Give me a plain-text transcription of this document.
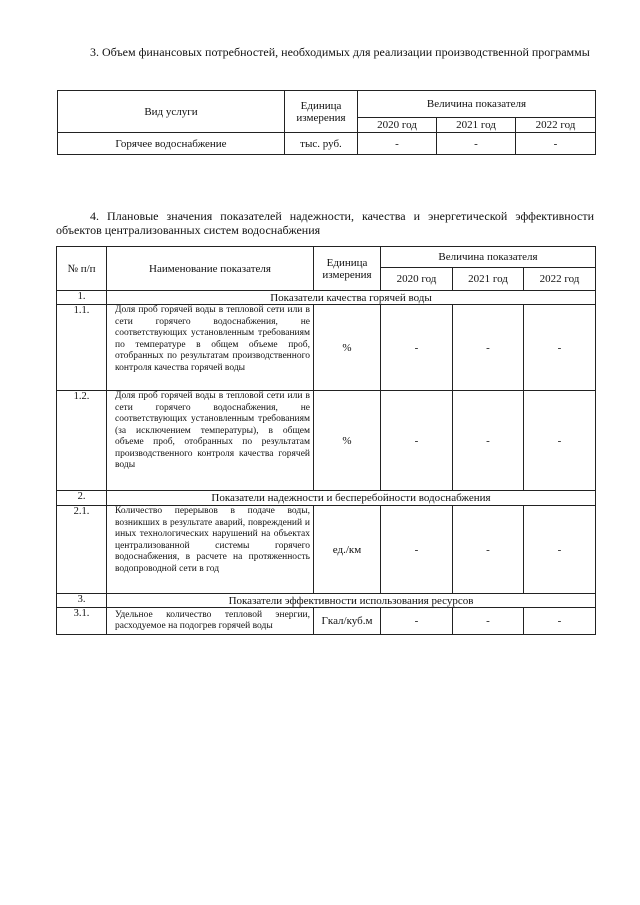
3. Объем финансовых потребностей, необходимых для реализации производственной программы
Вид услуги	Единица измерения	Величина показателя		
		2020 год	2021 год	2022 год
Горячее водоснабжение	тыс. руб.	-	-	-
4. Плановые значения показателей надежности, качества и энергетической эффективности объектов централизованных систем водоснабжения
№ п/п	Наименование показателя	Единица измерения	Величина показателя		
			2020 год	2021 год	2022 год
1.	Показатели качества горячей воды				
1.1.	Доля проб горячей воды в тепловой сети или в сети горячего водоснабжения, не соответствующих установленным требованиям по температуре в общем объеме проб, отобранных по результатам производственного контроля качества горячей воды	%	-	-	-
1.2.	Доля проб горячей воды в тепловой сети или в сети горячего водоснабжения, не соответствующих установленным требованиям (за исключением температуры), в общем объеме проб, отобранных по результатам производственного контроля качества горячей воды	%	-	-	-
2.	Показатели надежности и бесперебойности водоснабжения				
2.1.	Количество перерывов в подаче воды, возникших в результате аварий, повреждений и иных технологических нарушений на объектах централизованной системы горячего водоснабжения, в расчете на протяженность водопроводной сети в год	ед./км	-	-	-
3.	Показатели эффективности использования ресурсов				
3.1.	Удельное количество тепловой энергии, расходуемое на подогрев горячей воды	Гкал/куб.м	-	-	-
